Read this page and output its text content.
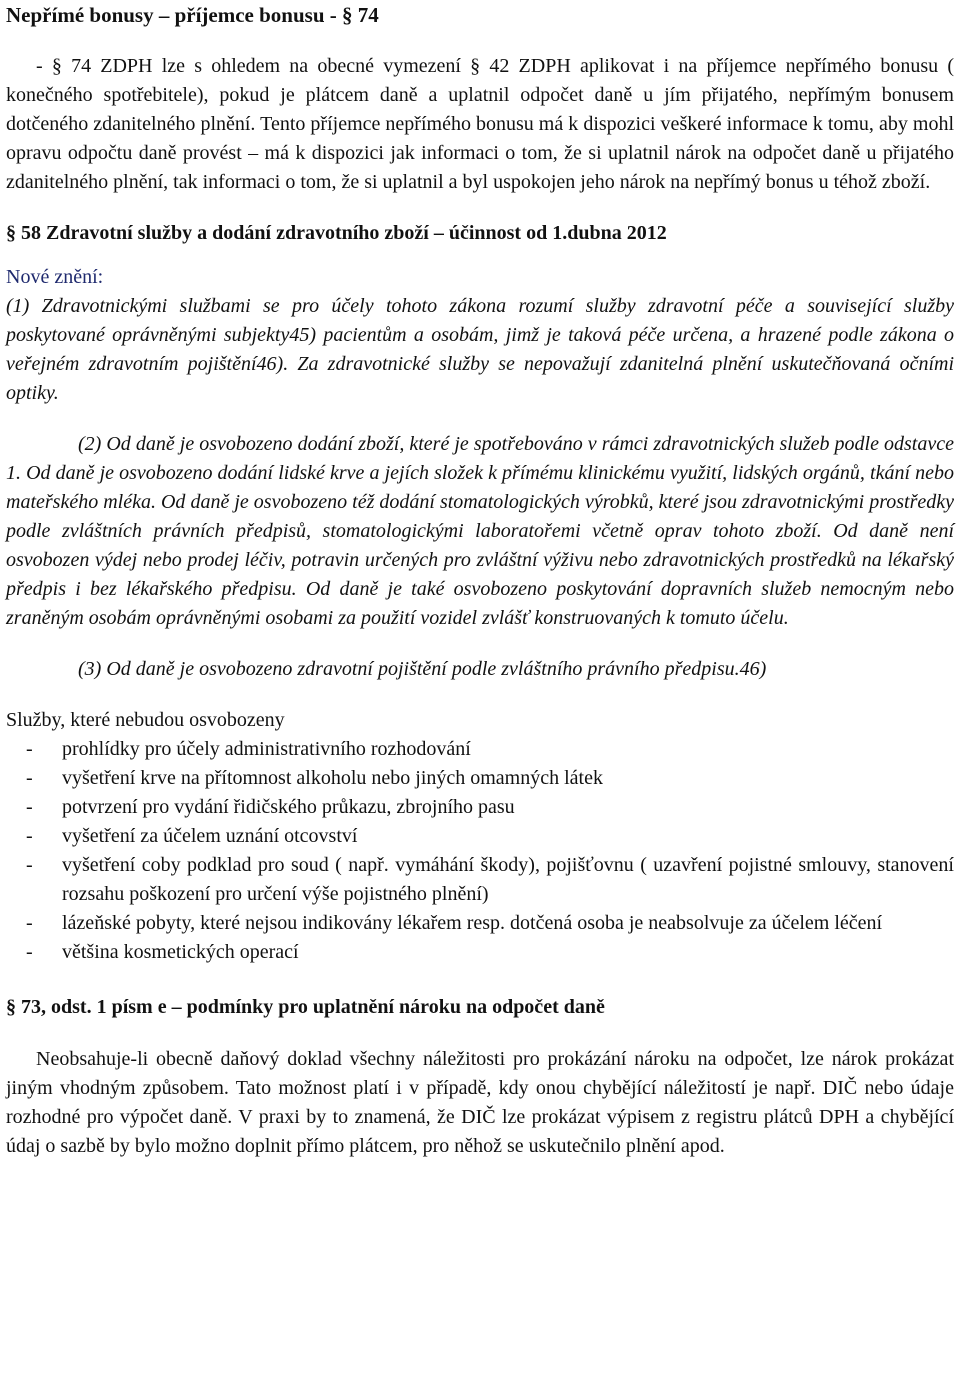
Nepřímé bonusy – příjemce bonusu - § 74

- § 74 ZDPH lze s ohledem na obecné vymezení § 42 ZDPH aplikovat i na příjemce nepřímého bonusu ( konečného spotřebitele), pokud je plátcem daně a uplatnil odpočet daně u jím přijatého, nepřímým bonusem dotčeného zdanitelného plnění. Tento příjemce nepřímého bonusu má k dispozici veškeré informace k tomu, aby mohl opravu odpočtu daně provést – má k dispozici jak informaci o tom, že si uplatnil nárok na odpočet daně u přijatého zdanitelného plnění, tak informaci o tom, že si uplatnil a byl uspokojen jeho nárok na nepřímý bonus u téhož zboží.

§ 58 Zdravotní služby a dodání zdravotního zboží – účinnost od 1.dubna 2012
Nové znění:

(1) Zdravotnickými službami se pro účely tohoto zákona rozumí služby zdravotní péče a související služby poskytované oprávněnými subjekty45) pacientům a osobám, jimž je taková péče určena, a hrazené podle zákona o veřejném zdravotním pojištění46). Za zdravotnické služby se nepovažují zdanitelná plnění uskutečňovaná očními optiky.

(2) Od daně je osvobozeno dodání zboží, které je spotřebováno v rámci zdravotnických služeb podle odstavce 1. Od daně je osvobozeno dodání lidské krve a jejích složek k přímému klinickému využití, lidských orgánů, tkání nebo mateřského mléka. Od daně je osvobozeno též dodání stomatologických výrobků, které jsou zdravotnickými prostředky podle zvláštních právních předpisů, stomatologickými laboratořemi včetně oprav tohoto zboží. Od daně není osvobozen výdej nebo prodej léčiv, potravin určených pro zvláštní výživu nebo zdravotnických prostředků na lékařský předpis i bez lékařského předpisu. Od daně je také osvobozeno poskytování dopravních služeb nemocným nebo zraněným osobám oprávněnými osobami za použití vozidel zvlášť konstruovaných k tomuto účelu.

(3) Od daně je osvobozeno zdravotní pojištění podle zvláštního právního předpisu.46)

Služby, které nebudou osvobozeny
- prohlídky pro účely administrativního rozhodování
- vyšetření krve na přítomnost alkoholu nebo jiných omamných látek
- potvrzení pro vydání řidičského průkazu, zbrojního pasu
- vyšetření za účelem uznání otcovství
- vyšetření coby podklad pro soud ( např. vymáhání škody), pojišťovnu ( uzavření pojistné smlouvy, stanovení rozsahu poškození pro určení výše pojistného plnění)
- lázeňské pobyty, které nejsou indikovány lékařem resp. dotčená osoba je neabsolvuje za účelem léčení
- většina kosmetických operací
§ 73, odst. 1 písm e – podmínky pro uplatnění nároku na odpočet daně

Neobsahuje-li obecně daňový doklad všechny náležitosti pro prokázání nároku na odpočet, lze nárok prokázat jiným vhodným způsobem. Tato možnost platí i v případě, kdy onou chybějící náležitostí je např. DIČ nebo údaje rozhodné pro výpočet daně. V praxi by to znamená, že DIČ lze prokázat výpisem z registru plátců DPH a chybějící údaj o sazbě by bylo možno doplnit přímo plátcem, pro něhož se uskutečnilo plnění apod.
